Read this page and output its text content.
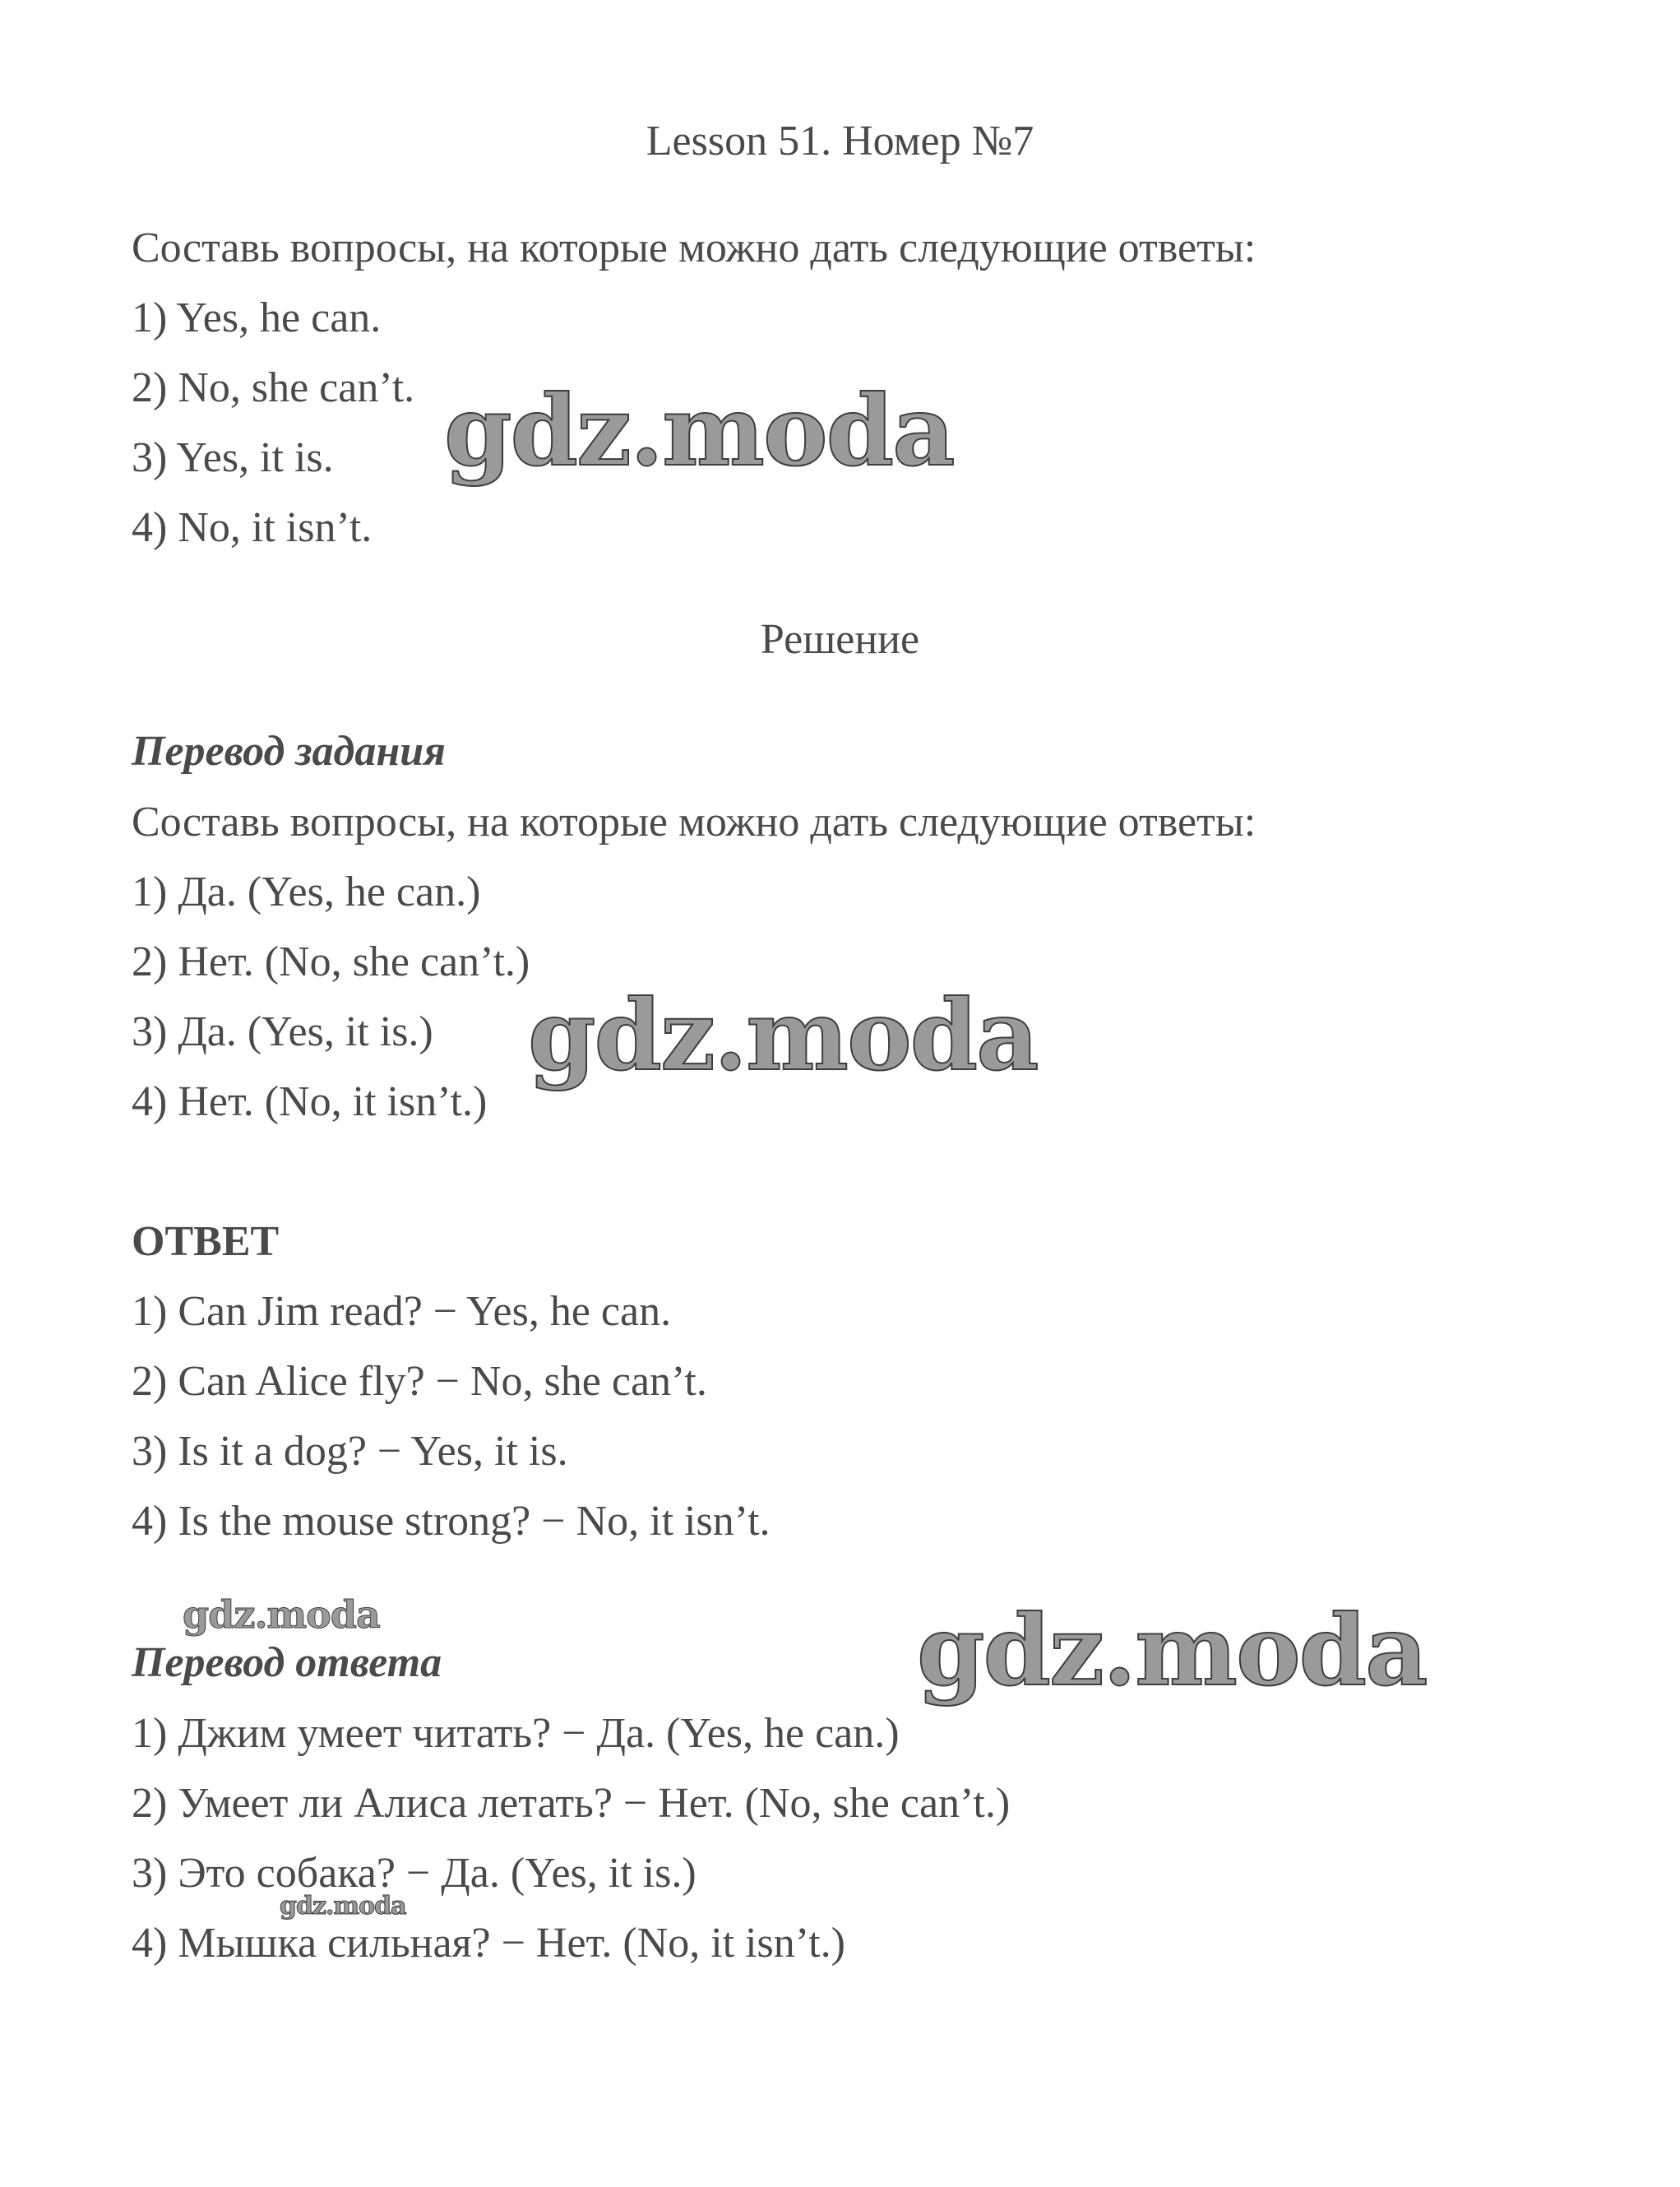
Lesson 51. Номер №7
Составь вопросы, на которые можно дать следующие ответы:
1) Yes, he can.
2) No, she can’t.
3) Yes, it is.
4) No, it isn’t.
Решение
Перевод задания
Составь вопросы, на которые можно дать следующие ответы:
1) Да. (Yes, he can.)
2) Нет. (No, she can’t.)
3) Да. (Yes, it is.)
4) Нет. (No, it isn’t.)
ОТВЕТ
1) Can Jim read? − Yes, he can.
2) Can Alice fly? − No, she can’t.
3) Is it a dog? − Yes, it is.
4) Is the mouse strong? − No, it isn’t.
Перевод ответа
1) Джим умеет читать? − Да. (Yes, he can.)
2) Умеет ли Алиса летать? − Нет. (No, she can’t.)
3) Это собака? − Да. (Yes, it is.)
4) Мышка сильная? − Нет. (No, it isn’t.)
gdz.moda
gdz.moda
gdz.moda	gdz.moda
gdz.moda
